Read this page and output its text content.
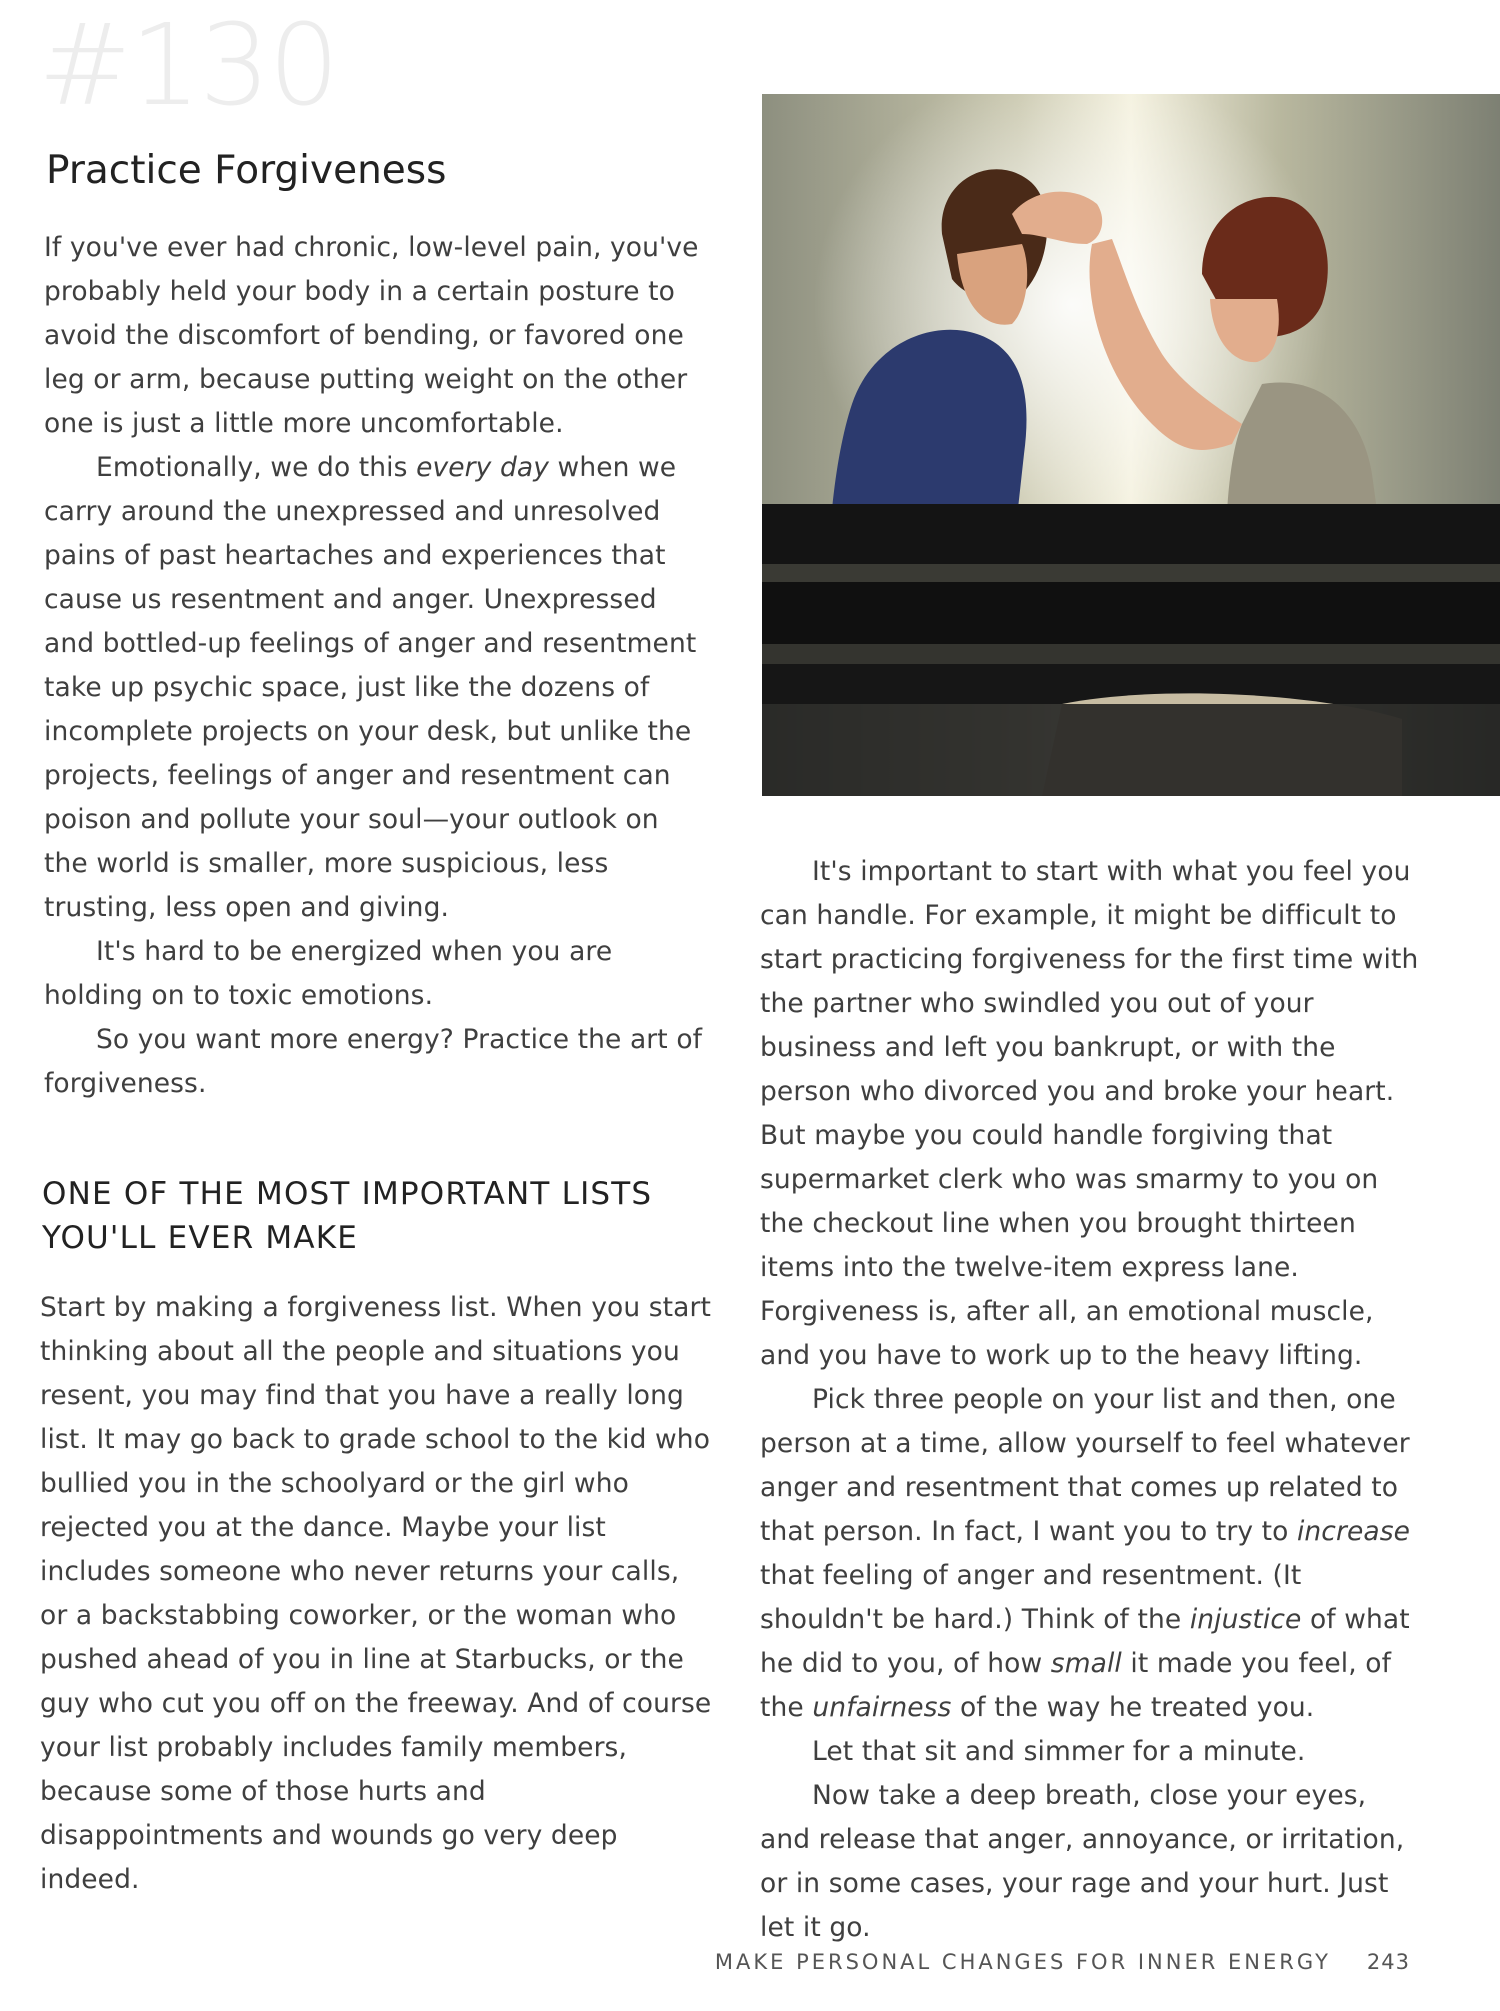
#130
Practice Forgiveness

If you've ever had chronic, low-level pain, you've probably held your body in a certain posture to avoid the discomfort of bending, or favored one leg or arm, because putting weight on the other one is just a little more uncomfortable.

Emotionally, we do this every day when we carry around the unexpressed and unresolved pains of past heartaches and experiences that cause us resentment and anger. Unexpressed and bottled-up feelings of anger and resentment take up psychic space, just like the dozens of incomplete projects on your desk, but unlike the projects, feelings of anger and resentment can poison and pollute your soul—your outlook on the world is smaller, more suspicious, less trusting, less open and giving.

It's hard to be energized when you are holding on to toxic emotions.

So you want more energy? Practice the art of forgiveness.

ONE OF THE MOST IMPORTANT LISTS YOU'LL EVER MAKE

Start by making a forgiveness list. When you start thinking about all the people and situations you resent, you may find that you have a really long list. It may go back to grade school to the kid who bullied you in the schoolyard or the girl who rejected you at the dance. Maybe your list includes someone who never returns your calls, or a backstabbing coworker, or the woman who pushed ahead of you in line at Starbucks, or the guy who cut you off on the freeway. And of course your list probably includes family members, because some of those hurts and disappointments and wounds go very deep indeed.

It's important to start with what you feel you can handle. For example, it might be difficult to start practicing forgiveness for the first time with the partner who swindled you out of your business and left you bankrupt, or with the person who divorced you and broke your heart. But maybe you could handle forgiving that supermarket clerk who was smarmy to you on the checkout line when you brought thirteen items into the twelve-item express lane. Forgiveness is, after all, an emotional muscle, and you have to work up to the heavy lifting.

Pick three people on your list and then, one person at a time, allow yourself to feel whatever anger and resentment that comes up related to that person. In fact, I want you to try to increase that feeling of anger and resentment. (It shouldn't be hard.) Think of the injustice of what he did to you, of how small it made you feel, of the unfairness of the way he treated you.

Let that sit and simmer for a minute.

Now take a deep breath, close your eyes, and release that anger, annoyance, or irritation, or in some cases, your rage and your hurt. Just let it go.

MAKE PERSONAL CHANGES FOR INNER ENERGY 243
